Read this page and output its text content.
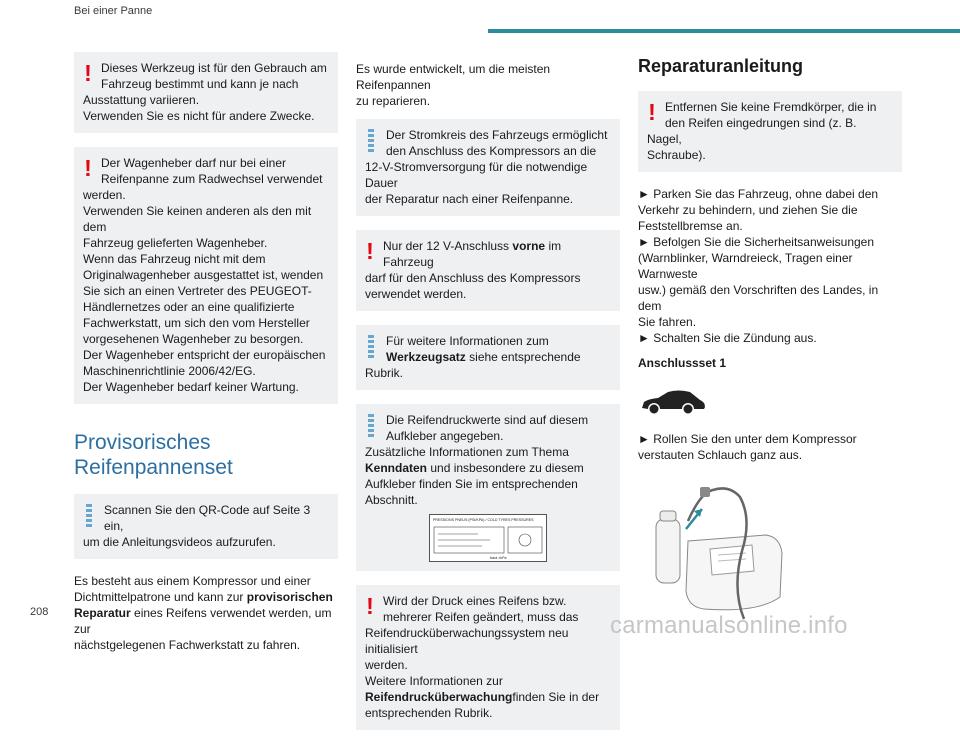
Bei einer Panne
! Dieses Werkzeug ist für den Gebrauch am
Fahrzeug bestimmt und kann je nach
Ausstattung variieren.
Verwenden Sie es nicht für andere Zwecke.
! Der Wagenheber darf nur bei einer
Reifenpanne zum Radwechsel verwendet
werden.
Verwenden Sie keinen anderen als den mit dem
Fahrzeug gelieferten Wagenheber.
Wenn das Fahrzeug nicht mit dem
Originalwagenheber ausgestattet ist, wenden
Sie sich an einen Vertreter des PEUGEOT-
Händlernetzes oder an eine qualifizierte
Fachwerkstatt, um sich den vom Hersteller
vorgesehenen Wagenheber zu besorgen.
Der Wagenheber entspricht der europäischen
Maschinenrichtlinie 2006/42/EG.
Der Wagenheber bedarf keiner Wartung.
Provisorisches
Reifenpannenset
Scannen Sie den QR-Code auf Seite 3 ein,
um die Anleitungsvideos aufzurufen.
Es besteht aus einem Kompressor und einer
Dichtmittelpatrone und kann zur provisorischen
Reparatur eines Reifens verwendet werden, um zur
nächstgelegenen Fachwerkstatt zu fahren.
Es wurde entwickelt, um die meisten Reifenpannen
zu reparieren.
Der Stromkreis des Fahrzeugs ermöglicht
den Anschluss des Kompressors an die
12-V-Stromversorgung für die notwendige Dauer
der Reparatur nach einer Reifenpanne.
! Nur der 12 V-Anschluss vorne im Fahrzeug
darf für den Anschluss des Kompressors
verwendet werden.
Für weitere Informationen zum
Werkzeugsatz siehe entsprechende
Rubrik.
Die Reifendruckwerte sind auf diesem
Aufkleber angegeben.
Zusätzliche Informationen zum Thema
Kenndaten und insbesondere zu diesem
Aufkleber finden Sie im entsprechenden
Abschnitt.
PRESSIONS PNEUS (PSI/KPA) / COLD TYRES PRESSURES
bara ×kPa
! Wird der Druck eines Reifens bzw.
mehrerer Reifen geändert, muss das
Reifendrucküberwachungssystem neu initialisiert
werden.
Weitere Informationen zur
Reifendrucküberwachungfinden Sie in der
entsprechenden Rubrik.
Reparaturanleitung
! Entfernen Sie keine Fremdkörper, die in
den Reifen eingedrungen sind (z. B. Nagel,
Schraube).
► Parken Sie das Fahrzeug, ohne dabei den
Verkehr zu behindern, und ziehen Sie die
Feststellbremse an.
► Befolgen Sie die Sicherheitsanweisungen
(Warnblinker, Warndreieck, Tragen einer Warnweste
usw.) gemäß den Vorschriften des Landes, in dem
Sie fahren.
► Schalten Sie die Zündung aus.
Anschlussset 1
► Rollen Sie den unter dem Kompressor
verstauten Schlauch ganz aus.
208	carmanualsonline.info
